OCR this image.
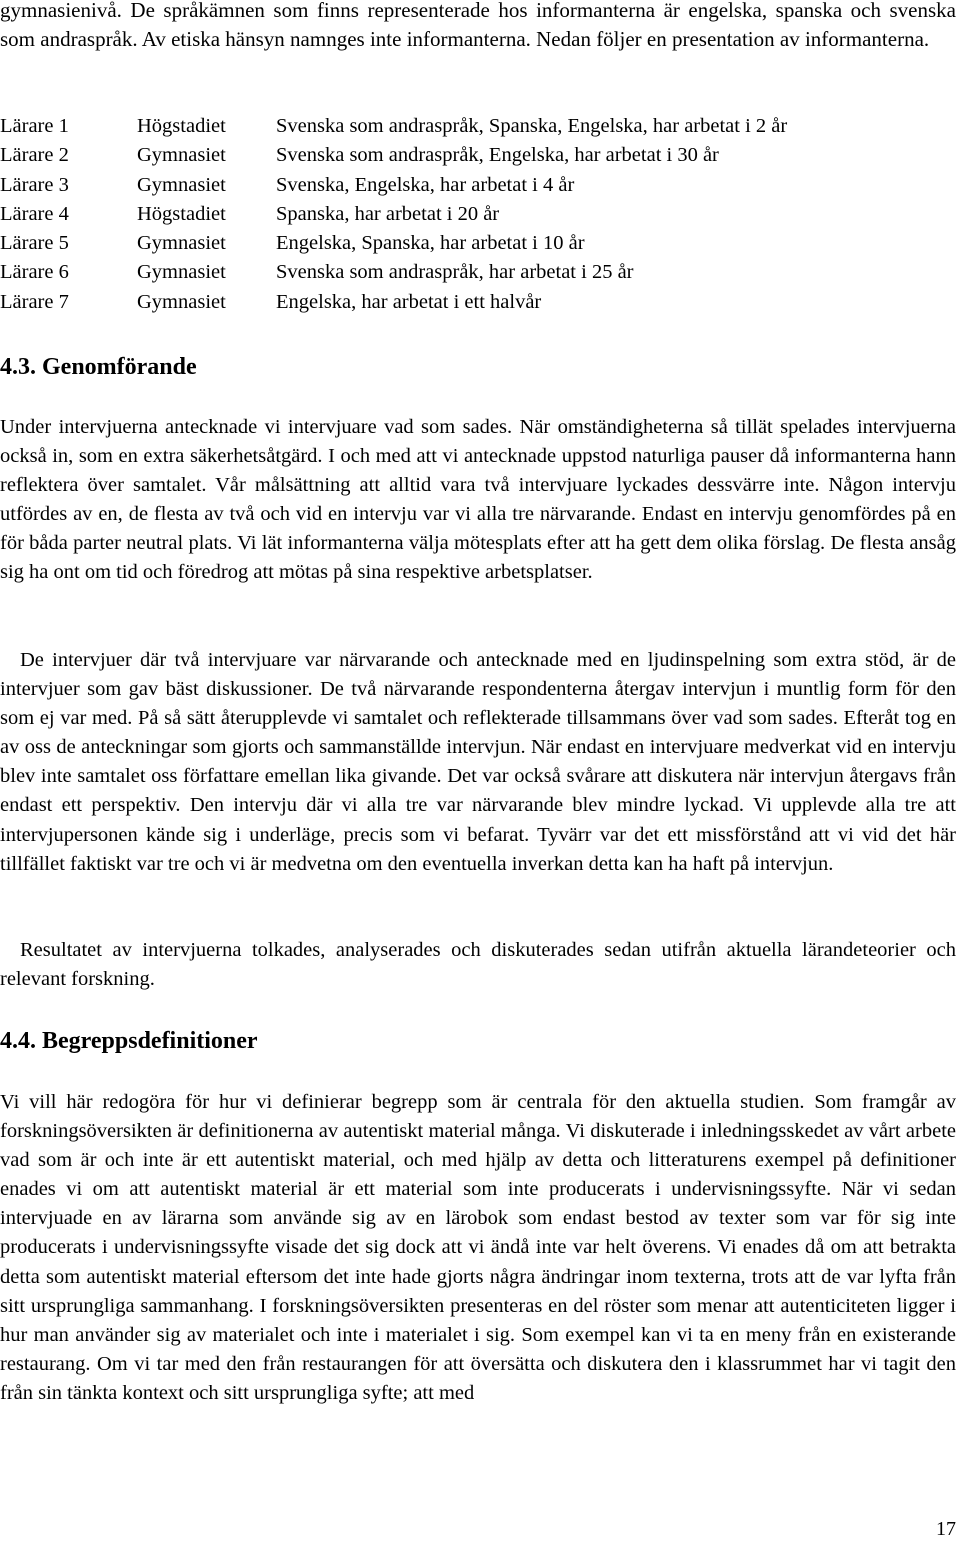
gymnasienivå. De språkämnen som finns representerade hos informanterna är engelska, spanska och svenska som andraspråk. Av etiska hänsyn namnges inte informanterna. Nedan följer en presentation av informanterna.

Lärare 1	Högstadiet	Svenska som andraspråk, Spanska, Engelska, har arbetat i 2 år
Lärare 2	Gymnasiet	Svenska som andraspråk, Engelska, har arbetat i 30 år
Lärare 3	Gymnasiet	Svenska, Engelska, har arbetat i 4 år
Lärare 4	Högstadiet	Spanska, har arbetat i 20 år
Lärare 5	Gymnasiet	Engelska, Spanska, har arbetat i 10 år
Lärare 6	Gymnasiet	Svenska som andraspråk, har arbetat i 25 år
Lärare 7	Gymnasiet	Engelska, har arbetat i ett halvår
4.3. Genomförande

Under intervjuerna antecknade vi intervjuare vad som sades. När omständigheterna så tillät spelades intervjuerna också in, som en extra säkerhetsåtgärd. I och med att vi antecknade uppstod naturliga pauser då informanterna hann reflektera över samtalet. Vår målsättning att alltid vara två intervjuare lyckades dessvärre inte. Någon intervju utfördes av en, de flesta av två och vid en intervju var vi alla tre närvarande. Endast en intervju genomfördes på en för båda parter neutral plats. Vi lät informanterna välja mötesplats efter att ha gett dem olika förslag. De flesta ansåg sig ha ont om tid och föredrog att mötas på sina respektive arbetsplatser.

De intervjuer där två intervjuare var närvarande och antecknade med en ljudinspelning som extra stöd, är de intervjuer som gav bäst diskussioner. De två närvarande respondenterna återgav intervjun i muntlig form för den som ej var med. På så sätt återupplevde vi samtalet och reflekterade tillsammans över vad som sades. Efteråt tog en av oss de anteckningar som gjorts och sammanställde intervjun. När endast en intervjuare medverkat vid en intervju blev inte samtalet oss författare emellan lika givande. Det var också svårare att diskutera när intervjun återgavs från endast ett perspektiv. Den intervju där vi alla tre var närvarande blev mindre lyckad. Vi upplevde alla tre att intervjupersonen kände sig i underläge, precis som vi befarat. Tyvärr var det ett missförstånd att vi vid det här tillfället faktiskt var tre och vi är medvetna om den eventuella inverkan detta kan ha haft på intervjun.

Resultatet av intervjuerna tolkades, analyserades och diskuterades sedan utifrån aktuella lärandeteorier och relevant forskning.

4.4. Begreppsdefinitioner

Vi vill här redogöra för hur vi definierar begrepp som är centrala för den aktuella studien. Som framgår av forskningsöversikten är definitionerna av autentiskt material många. Vi diskuterade i inledningsskedet av vårt arbete vad som är och inte är ett autentiskt material, och med hjälp av detta och litteraturens exempel på definitioner enades vi om att autentiskt material är ett material som inte producerats i undervisningssyfte. När vi sedan intervjuade en av lärarna som använde sig av en lärobok som endast bestod av texter som var för sig inte producerats i undervisningssyfte visade det sig dock att vi ändå inte var helt överens. Vi enades då om att betrakta detta som autentiskt material eftersom det inte hade gjorts några ändringar inom texterna, trots att de var lyfta från sitt ursprungliga sammanhang. I forskningsöversikten presenteras en del röster som menar att autenticiteten ligger i hur man använder sig av materialet och inte i materialet i sig. Som exempel kan vi ta en meny från en existerande restaurang. Om vi tar med den från restaurangen för att översätta och diskutera den i klassrummet har vi tagit den från sin tänkta kontext och sitt ursprungliga syfte; att med

17
